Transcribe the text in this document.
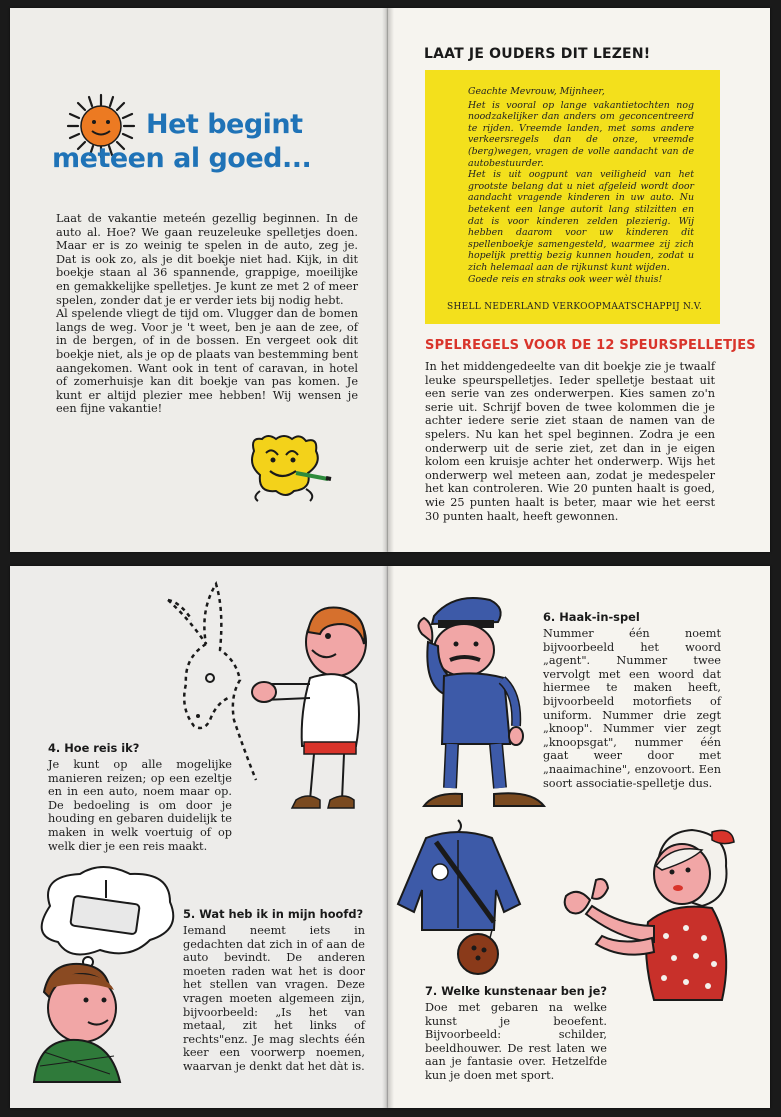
Het begint
meteen al goed...

Laat de vakantie meteén gezellig beginnen. In de auto al. Hoe? We gaan reuzeleuke spelletjes doen. Maar er is zo weinig te spelen in de auto, zeg je. Dat is ook zo, als je dit boekje niet had. Kijk, in dit boekje staan al 36 spannende, grappige, moeilijke en gemakkelijke spelletjes. Je kunt ze met 2 of meer spelen, zonder dat je er verder iets bij nodig hebt.

Al spelende vliegt de tijd om. Vlugger dan de bomen langs de weg. Voor je 't weet, ben je aan de zee, of in de bergen, of in de bossen. En vergeet ook dit boekje niet, als je op de plaats van bestemming bent aangekomen. Want ook in tent of caravan, in hotel of zomerhuisje kan dit boekje van pas komen. Je kunt er altijd plezier mee hebben! Wij wensen je een fijne vakantie!

LAAT JE OUDERS DIT LEZEN!

Geachte Mevrouw, Mijnheer,

Het is vooral op lange vakantietochten nog noodzakelijker dan anders om geconcentreerd te rijden. Vreemde landen, met soms andere verkeersregels dan de onze, vreemde (berg)wegen, vragen de volle aandacht van de autobestuurder.

Het is uit oogpunt van veiligheid van het grootste belang dat u niet afgeleid wordt door aandacht vragende kinderen in uw auto. Nu betekent een lange autorit lang stilzitten en dat is voor kinderen zelden plezierig. Wij hebben daarom voor uw kinderen dit spellenboekje samengesteld, waarmee zij zich hopelijk prettig bezig kunnen houden, zodat u zich helemaal aan de rijkunst kunt wijden.

Goede reis en straks ook weer wèl thuis!

SHELL NEDERLAND VERKOOPMAATSCHAPPIJ N.V.
SPELREGELS VOOR DE 12 SPEURSPELLETJES
In het middengedeelte van dit boekje zie je twaalf leuke speurspelletjes. Ieder spelletje bestaat uit een serie van zes onderwerpen. Kies samen zo'n serie uit. Schrijf boven de twee kolommen die je achter iedere serie ziet staan de namen van de spelers. Nu kan het spel beginnen. Zodra je een onderwerp uit de serie ziet, zet dan in je eigen kolom een kruisje achter het onderwerp. Wijs het onderwerp wel meteen aan, zodat je medespeler het kan controleren. Wie 20 punten haalt is goed, wie 25 punten haalt is beter, maar wie het eerst 30 punten haalt, heeft gewonnen.
4. Hoe reis ik?
Je kunt op alle mogelijke manieren reizen; op een ezeltje en in een auto, noem maar op. De bedoeling is om door je houding en gebaren duidelijk te maken in welk voertuig of op welk dier je een reis maakt.
5. Wat heb ik in mijn hoofd?
Iemand neemt iets in gedachten dat zich in of aan de auto bevindt. De anderen moeten raden wat het is door het stellen van vragen. Deze vragen moeten algemeen zijn, bijvoorbeeld: „Is het van metaal, zit het links of rechts"enz. Je mag slechts één keer een voorwerp noemen, waarvan je denkt dat het dàt is.
6. Haak-in-spel
Nummer één noemt bijvoorbeeld het woord „agent". Nummer twee vervolgt met een woord dat hiermee te maken heeft, bijvoorbeeld motorfiets of uniform. Nummer drie zegt „knoop". Nummer vier zegt „knoopsgat", nummer één gaat weer door met „naaimachine", enzovoort. Een soort associatie-spelletje dus.
7. Welke kunstenaar ben je?
Doe met gebaren na welke kunst je beoefent. Bijvoorbeeld: schilder, beeldhouwer. De rest laten we aan je fantasie over. Hetzelfde kun je doen met sport.
